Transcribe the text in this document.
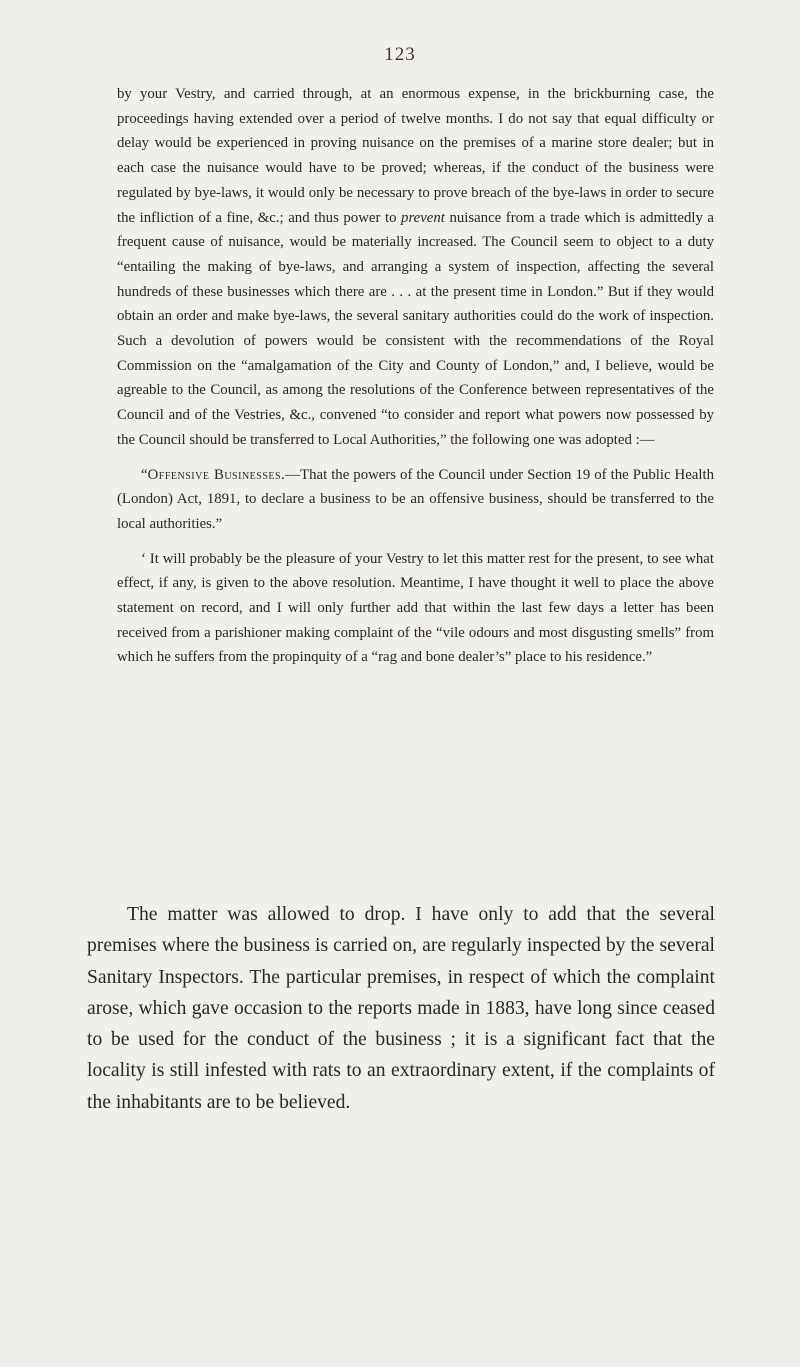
123

by your Vestry, and carried through, at an enormous expense, in the brickburning case, the proceedings having extended over a period of twelve months. I do not say that equal difficulty or delay would be experienced in proving nuisance on the premises of a marine store dealer; but in each case the nuisance would have to be proved; whereas, if the conduct of the business were regulated by bye-laws, it would only be necessary to prove breach of the bye-laws in order to secure the infliction of a fine, &c.; and thus power to prevent nuisance from a trade which is admittedly a frequent cause of nuisance, would be materially increased. The Council seem to object to a duty “entailing the making of bye-laws, and arranging a system of inspection, affecting the several hundreds of these businesses which there are . . . at the present time in London.” But if they would obtain an order and make bye-laws, the several sanitary authorities could do the work of inspection. Such a devolution of powers would be consistent with the recommendations of the Royal Commission on the “amalgamation of the City and County of London,” and, I believe, would be agreable to the Council, as among the resolutions of the Conference between representatives of the Council and of the Vestries, &c., convened “to consider and report what powers now possessed by the Council should be transferred to Local Authorities,” the following one was adopted :—

“Offensive Businesses.—That the powers of the Council under Section 19 of the Public Health (London) Act, 1891, to declare a business to be an offensive business, should be transferred to the local authorities.”

‘ It will probably be the pleasure of your Vestry to let this matter rest for the present, to see what effect, if any, is given to the above resolution. Meantime, I have thought it well to place the above statement on record, and I will only further add that within the last few days a letter has been received from a parishioner making complaint of the “vile odours and most disgusting smells” from which he suffers from the propinquity of a “rag and bone dealer’s” place to his residence.”

The matter was allowed to drop. I have only to add that the several premises where the business is carried on, are regularly inspected by the several Sanitary Inspectors. The particular premises, in respect of which the complaint arose, which gave occasion to the reports made in 1883, have long since ceased to be used for the conduct of the business ; it is a significant fact that the locality is still infested with rats to an extraordinary extent, if the complaints of the inhabitants are to be believed.
